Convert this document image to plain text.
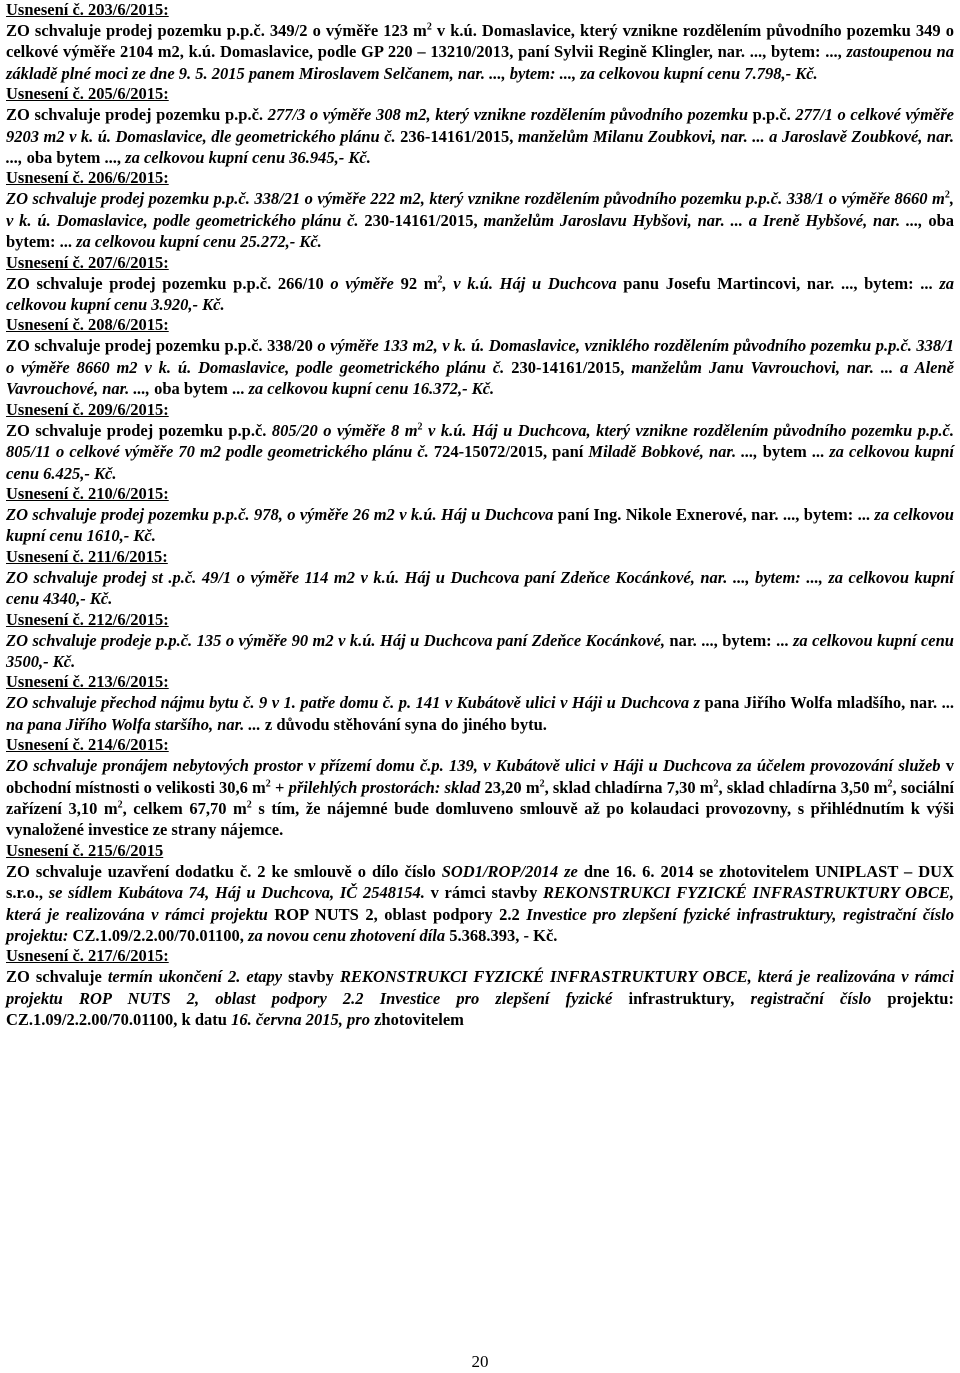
Usnesení č. 203/6/2015:
ZO schvaluje prodej pozemku p.p.č. 349/2 o výměře 123 $m^2$ v k.ú. Domaslavice, který vznikne rozdělením původního pozemku 349 o celkové výměře 2104 m2, k.ú. Domaslavice, podle GP 220 – 13210/2013, paní Sylvii Regině Klingler, nar. ..., bytem: ..., zastoupenou na základě plné moci ze dne 9. 5. 2015 panem Miroslavem Selčanem, nar. ..., bytem: ..., za celkovou kupní cenu 7.798,- Kč.
Usnesení č. 205/6/2015:
ZO schvaluje prodej pozemku p.p.č. 277/3 o výměře 308 m2, který vznikne rozdělením původního pozemku p.p.č. 277/1 o celkové výměře 9203 m2 v k. ú. Domaslavice, dle geometrického plánu č. 236-14161/2015, manželům Milanu Zoubkovi, nar. ... a Jaroslavě Zoubkové, nar. ..., oba bytem ..., za celkovou kupní cenu 36.945,- Kč.
Usnesení č. 206/6/2015:
ZO schvaluje prodej pozemku p.p.č. 338/21 o výměře 222 m2, který vznikne rozdělením původního pozemku p.p.č. 338/1 o výměře 8660 $m^2$, v k. ú. Domaslavice, podle geometrického plánu č. 230-14161/2015, manželům Jaroslavu Hybšovi, nar. ... a Ireně Hybšové, nar. ..., oba bytem: ... za celkovou kupní cenu 25.272,- Kč.
Usnesení č. 207/6/2015:
ZO schvaluje prodej pozemku p.p.č. 266/10 o výměře 92 $m^2$, v k.ú. Háj u Duchcova panu Josefu Martincovi, nar. ..., bytem: ... za celkovou kupní cenu 3.920,- Kč.
Usnesení č. 208/6/2015:
ZO schvaluje prodej pozemku p.p.č. 338/20 o výměře 133 m2, v k. ú. Domaslavice, vzniklého rozdělením původního pozemku p.p.č. 338/1 o výměře 8660 m2 v k. ú. Domaslavice, podle geometrického plánu č. 230-14161/2015, manželům Janu Vavrouchovi, nar. ... a Aleně Vavrouchové, nar. ..., oba bytem ... za celkovou kupní cenu 16.372,- Kč.
Usnesení č. 209/6/2015:
ZO schvaluje prodej pozemku p.p.č. 805/20 o výměře 8 $m^2$ v k.ú. Háj u Duchcova, který vznikne rozdělením původního pozemku p.p.č. 805/11 o celkové výměře 70 m2 podle geometrického plánu č. 724-15072/2015, paní Miladě Bobkové, nar. ..., bytem ... za celkovou kupní cenu 6.425,- Kč.
Usnesení č. 210/6/2015:
ZO schvaluje prodej pozemku p.p.č. 978, o výměře 26 m2 v k.ú. Háj u Duchcova paní Ing. Nikole Exnerové, nar. ..., bytem: ... za celkovou kupní cenu 1610,- Kč.
Usnesení č. 211/6/2015:
ZO schvaluje prodej st .p.č. 49/1 o výměře 114 m2 v k.ú. Háj u Duchcova paní Zdeňce Kocánkové, nar. ..., bytem: ..., za celkovou kupní cenu 4340,- Kč.
Usnesení č. 212/6/2015:
ZO schvaluje prodeje p.p.č. 135 o výměře 90 m2 v k.ú. Háj u Duchcova paní Zdeňce Kocánkové, nar. ..., bytem: ... za celkovou kupní cenu 3500,- Kč.
Usnesení č. 213/6/2015:
ZO schvaluje přechod nájmu bytu č. 9 v 1. patře domu č. p. 141 v Kubátově ulici v Háji u Duchcova z pana Jiřího Wolfa mladšího, nar. ... na pana Jiřího Wolfa staršího, nar. ... z důvodu stěhování syna do jiného bytu.
Usnesení č. 214/6/2015:
ZO schvaluje pronájem nebytových prostor v přízemí domu č.p. 139, v Kubátově ulici v Háji u Duchcova za účelem provozování služeb v obchodní místnosti o velikosti 30,6 $m^2$ + přilehlých prostorách: sklad 23,20 $m^2$, sklad chladírna 7,30 $m^2$, sklad chladírna 3,50 $m^2$, sociální zařízení 3,10 $m^2$, celkem 67,70 $m^2$ s tím, že nájemné bude domluveno smlouvě až po kolaudaci provozovny, s přihlédnutím k výši vynaložené investice ze strany nájemce.
Usnesení č. 215/6/2015
ZO schvaluje uzavření dodatku č. 2 ke smlouvě o dílo číslo SOD1/ROP/2014 ze dne 16. 6. 2014 se zhotovitelem UNIPLAST – DUX s.r.o., se sídlem Kubátova 74, Háj u Duchcova, IČ 2548154. v rámci stavby REKONSTRUKCI FYZICKÉ INFRASTRUKTURY OBCE, která je realizována v rámci projektu ROP NUTS 2, oblast podpory 2.2 Investice pro zlepšení fyzické infrastruktury, registrační číslo projektu: CZ.1.09/2.2.00/70.01100, za novou cenu zhotovení díla 5.368.393, - Kč.
Usnesení č. 217/6/2015:
ZO schvaluje termín ukončení 2. etapy stavby REKONSTRUKCI FYZICKÉ INFRASTRUKTURY OBCE, která je realizována v rámci projektu ROP NUTS 2, oblast podpory 2.2 Investice pro zlepšení fyzické infrastruktury, registrační číslo projektu: CZ.1.09/2.2.00/70.01100, k datu 16. června 2015, pro zhotovitelem
20
